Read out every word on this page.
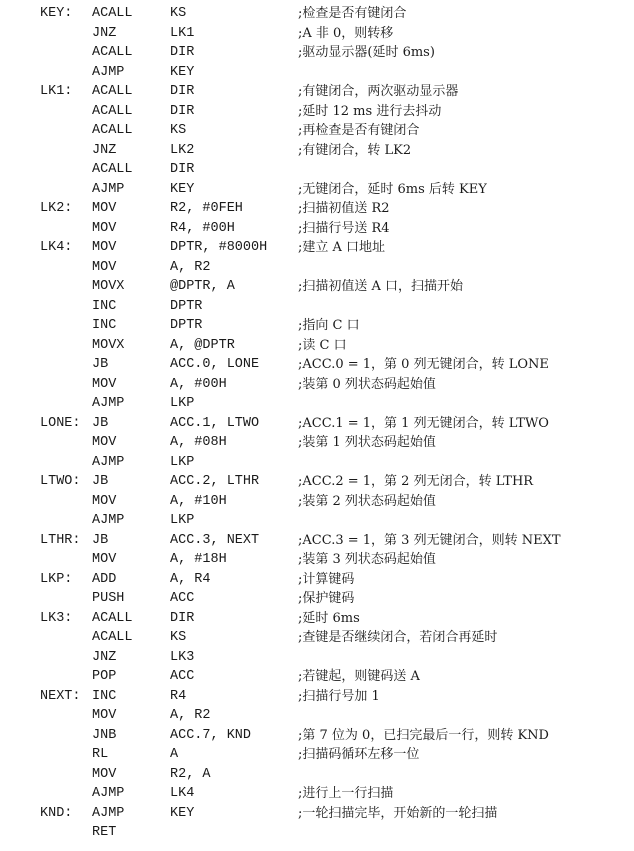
KEY: ACALL	KS	;检查是否有键闭合
JNZ	LK1	;A 非 0，则转移
ACALL	DIR	;驱动显示器(延时 6ms)
AJMP	KEY
LK1: ACALL	DIR	;有键闭合，两次驱动显示器
ACALL	DIR	;延时 12 ms 进行去抖动
ACALL	KS	;再检查是否有键闭合
JNZ	LK2	;有键闭合，转 LK2
ACALL	DIR
AJMP	KEY	;无键闭合，延时 6ms 后转 KEY
LK2: MOV	R2, #0FEH	;扫描初值送 R2
MOV	R4, #00H	;扫描行号送 R4
LK4: MOV	DPTR, #8000H ;建立 A 口地址
MOV	A, R2
MOVX	@DPTR, A	;扫描初值送 A 口，扫描开始
INC	DPTR
INC	DPTR	;指向 C 口
MOVX	A, @DPTR	;读 C 口
JB	ACC.0, LONE	;ACC.0 = 1，第 0 列无键闭合，转 LONE
MOV	A, #00H	;装第 0 列状态码起始值
AJMP	LKP
LONE: JB	ACC.1, LTWO	;ACC.1 = 1，第 1 列无键闭合，转 LTWO
MOV	A, #08H	;装第 1 列状态码起始值
AJMP	LKP
LTWO: JB	ACC.2, LTHR	;ACC.2 = 1，第 2 列无闭合，转 LTHR
MOV	A, #10H	;装第 2 列状态码起始值
AJMP	LKP
LTHR: JB	ACC.3, NEXT	;ACC.3 = 1，第 3 列无键闭合，则转 NEXT
MOV	A, #18H	;装第 3 列状态码起始值
LKP: ADD	A, R4	;计算键码
PUSH	ACC	;保护键码
LK3: ACALL	DIR	;延时 6ms
ACALL	KS	;查键是否继续闭合，若闭合再延时
JNZ	LK3
POP	ACC	;若键起，则键码送 A
NEXT: INC	R4	;扫描行号加 1
MOV	A, R2
JNB	ACC.7, KND	;第 7 位为 0，已扫完最后一行，则转 KND
RL	A	;扫描码循环左移一位
MOV	R2, A
AJMP	LK4	;进行上一行扫描
KND: AJMP	KEY	;一轮扫描完毕，开始新的一轮扫描
RET
